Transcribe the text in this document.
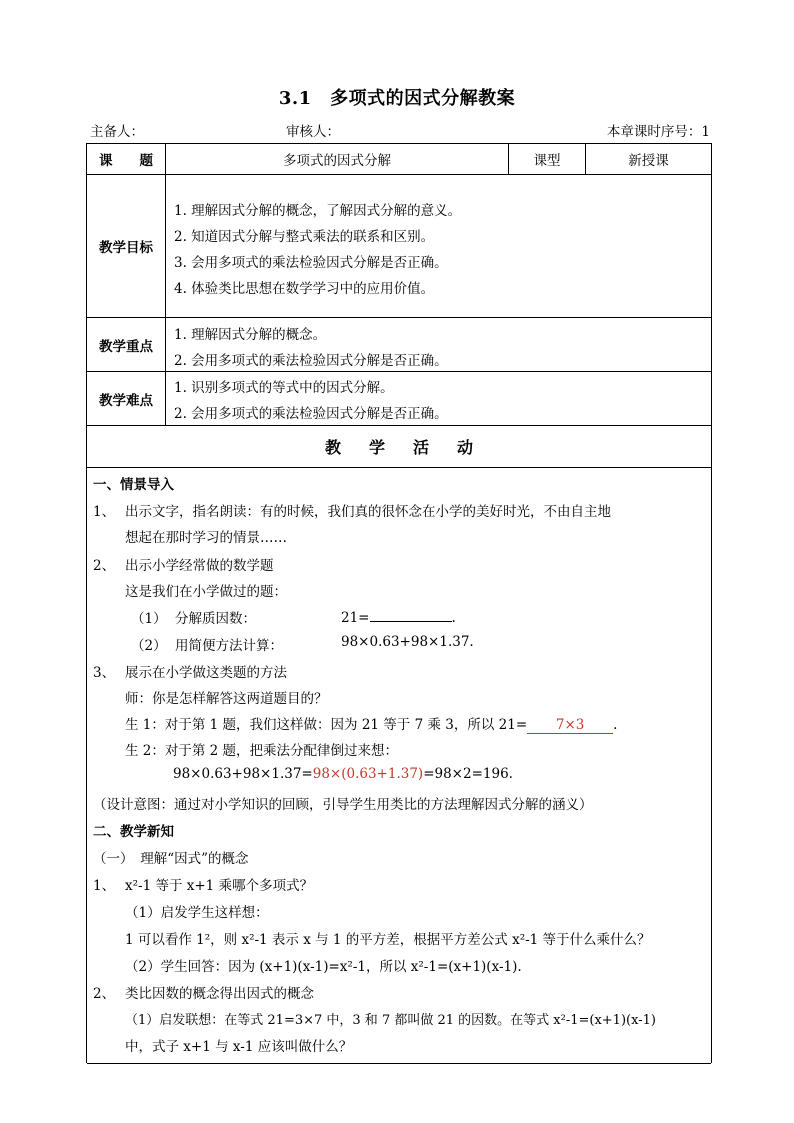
3.1　多项式的因式分解教案
主备人：	审核人：	本章课时序号：1
课　　题	多项式的因式分解	课型	新授课
教学目标
1. 理解因式分解的概念，了解因式分解的意义。
2. 知道因式分解与整式乘法的联系和区别。
3. 会用多项式的乘法检验因式分解是否正确。
4. 体验类比思想在数学学习中的应用价值。
教学重点
1. 理解因式分解的概念。
2. 会用多项式的乘法检验因式分解是否正确。
教学难点
1. 识别多项式的等式中的因式分解。
2. 会用多项式的乘法检验因式分解是否正确。
教学活动
一、情景导入
1、 出示文字，指名朗读：有的时候，我们真的很怀念在小学的美好时光，不由自主地
想起在那时学习的情景……
2、 出示小学经常做的数学题
这是我们在小学做过的题：
（1） 分解质因数：	21=	.
（2） 用简便方法计算：	98×0.63+98×1.37.
3、 展示在小学做这类题的方法
师：你是怎样解答这两道题目的？
生 1：对于第 1 题，我们这样做：因为 21 等于 7 乘 3，所以 21= 7×3 .
生 2：对于第 2 题，把乘法分配律倒过来想：
98×0.63+98×1.37=98×(0.63+1.37)=98×2=196.
（设计意图：通过对小学知识的回顾，引导学生用类比的方法理解因式分解的涵义）
二、教学新知
（一）　理解“因式”的概念
1、 x²-1 等于 x+1 乘哪个多项式？
（1）启发学生这样想：
1 可以看作 1²，则 x²-1 表示 x 与 1 的平方差，根据平方差公式 x²-1 等于什么乘什么？
（2）学生回答：因为 (x+1)(x-1)=x²-1，所以 x²-1=(x+1)(x-1).
2、 类比因数的概念得出因式的概念
（1）启发联想：在等式 21=3×7 中，3 和 7 都叫做 21 的因数。在等式 x²-1=(x+1)(x-1)
中，式子 x+1 与 x-1 应该叫做什么？
